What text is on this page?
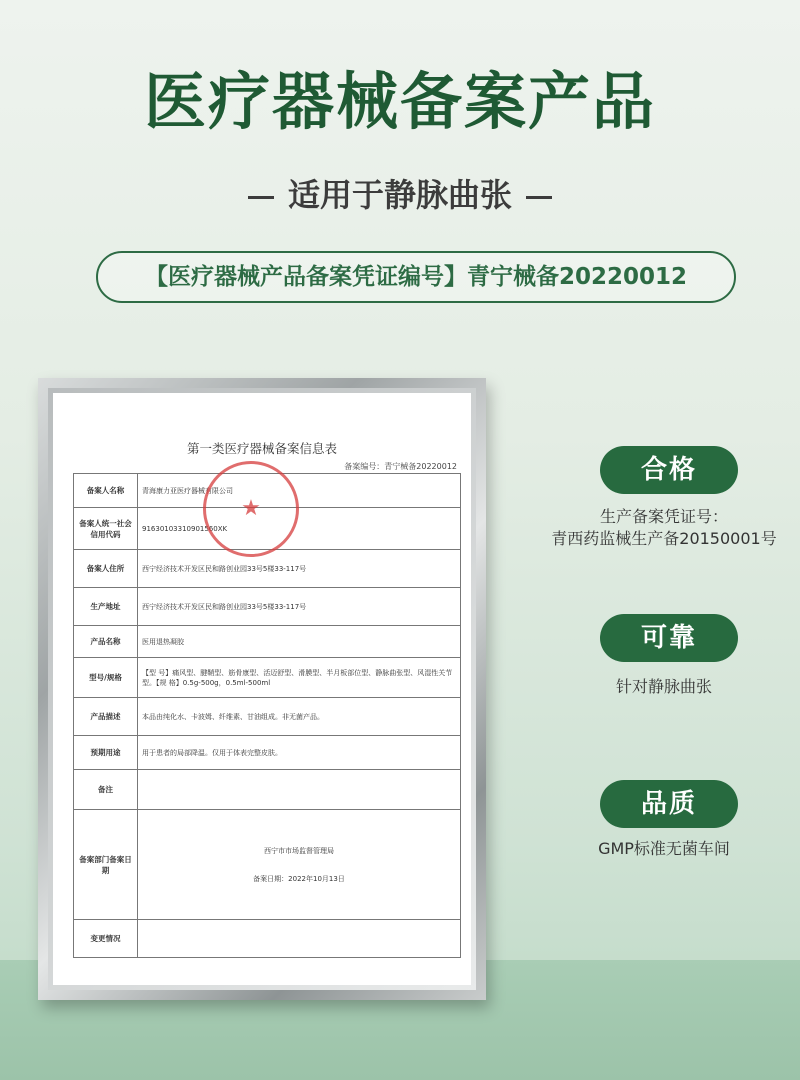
医疗器械备案产品
适用于静脉曲张
【医疗器械产品备案凭证编号】青宁械备20220012
第一类医疗器械备案信息表
备案编号：青宁械备20220012
备案人名称	青海康力亚医疗器械有限公司
备案人统一社会信用代码	91630103310901560XK
备案人住所	西宁经济技术开发区民和路创业园33号5楼33-117号
生产地址	西宁经济技术开发区民和路创业园33号5楼33-117号
产品名称	医用退热凝胶
型号/规格	【型 号】痛风型、腱鞘型、筋骨康型、活迈舒型、滑膜型、半月板部位型、静脉曲张型、风湿性关节型。【规 格】0.5g-500g，0.5ml-500ml
产品描述	本品由纯化水、卡波姆、纤维素、甘油组成。非无菌产品。
预期用途	用于患者的局部降温。仅用于体表完整皮肤。
备注	
备案部门备案日期	西宁市市场监督管理局
备案日期：2022年10月13日

变更情况	
★
合格
生产备案凭证号：
青西药监械生产备20150001号
可靠
针对静脉曲张
品质
GMP标准无菌车间
